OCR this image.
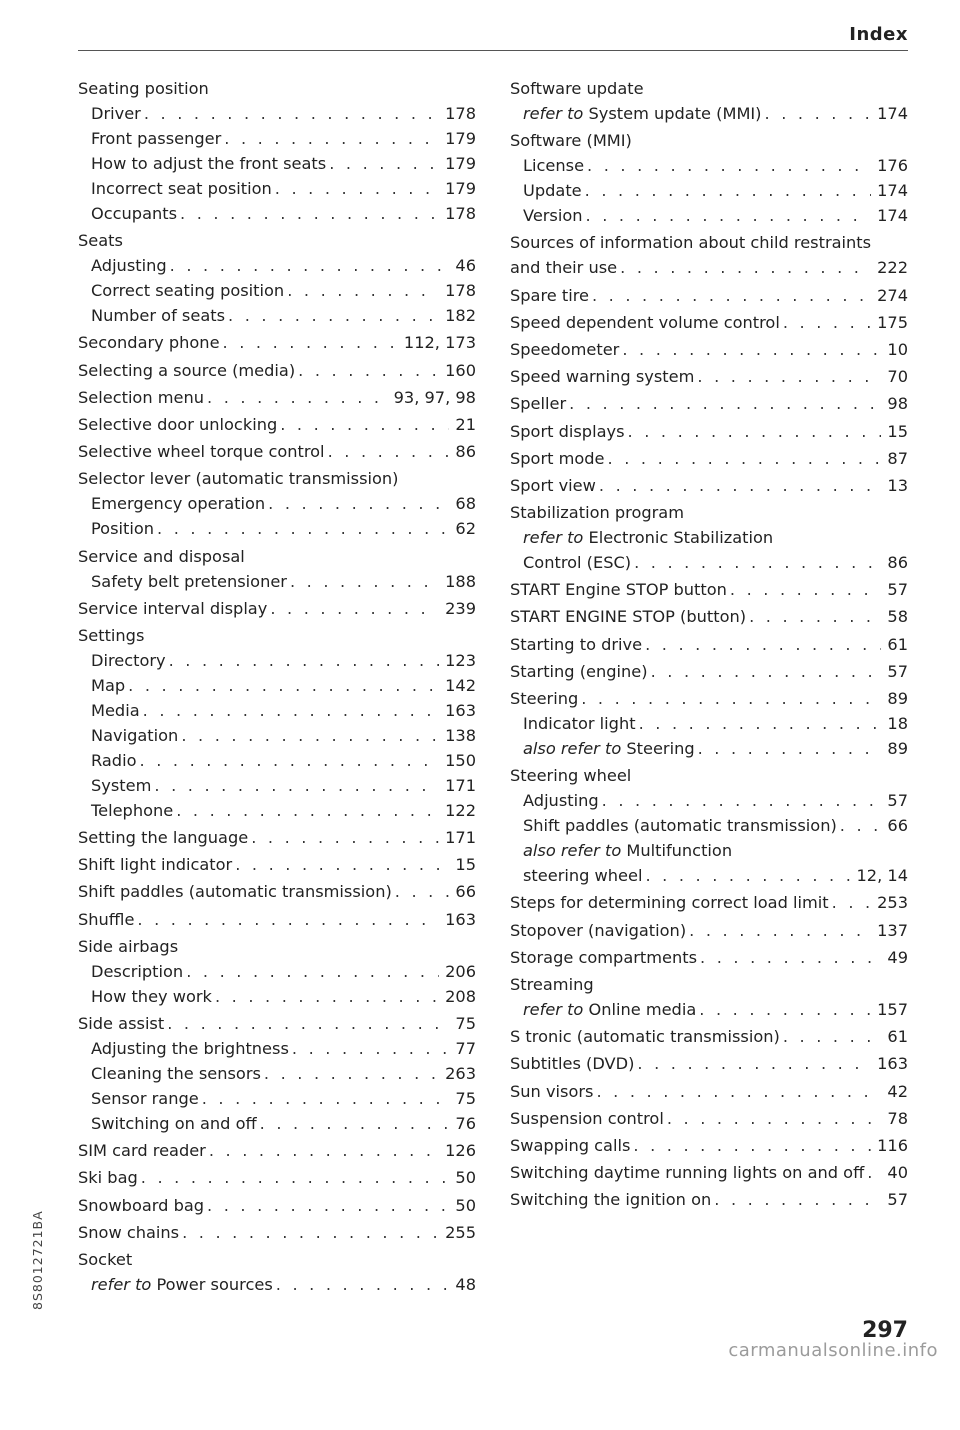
Index
Seating position
Driver . . .	178
Front passenger . . .	179
How to adjust the front seats . . .	179
Incorrect seat position . . .	179
Occupants . . .	178
Seats
Adjusting . . .	46
Correct seating position . . .	178
Number of seats . . .	182
Secondary phone . . .	112, 173
Selecting a source (media) . . .	160
Selection menu . . .	93, 97, 98
Selective door unlocking . . .	21
Selective wheel torque control . . .	86
Selector lever (automatic transmission)
Emergency operation . . .	68
Position . . .	62
Service and disposal
Safety belt pretensioner . . .	188
Service interval display . . .	239
Settings
Directory . . .	123
Map . . .	142
Media . . .	163
Navigation . . .	138
Radio . . .	150
System . . .	171
Telephone . . .	122
Setting the language . . .	171
Shift light indicator . . .	15
Shift paddles (automatic transmission) . . .	66
Shuffle . . .	163
Side airbags
Description . . .	206
How they work . . .	208
Side assist . . .	75
Adjusting the brightness . . .	77
Cleaning the sensors . . .	263
Sensor range . . .	75
Switching on and off . . .	76
SIM card reader . . .	126
Ski bag . . .	50
Snowboard bag . . .	50
Snow chains . . .	255
Socket
refer to Power sources . . .	48
Software update
refer to System update (MMI) . . .	174
Software (MMI)
License . . .	176
Update . . .	174
Version . . .	174
Sources of information about child restraints
and their use . . .	222
Spare tire . . .	274
Speed dependent volume control . . .	175
Speedometer . . .	10
Speed warning system . . .	70
Speller . . .	98
Sport displays . . .	15
Sport mode . . .	87
Sport view . . .	13
Stabilization program
refer to Electronic Stabilization
Control (ESC) . . .	86
START Engine STOP button . . .	57
START ENGINE STOP (button) . . .	58
Starting to drive . . .	61
Starting (engine) . . .	57
Steering . . .	89
Indicator light . . .	18
also refer to Steering . . .	89
Steering wheel
Adjusting . . .	57
Shift paddles (automatic transmission) . . .	66
also refer to Multifunction
steering wheel . . .	12, 14
Steps for determining correct load limit . . .	253
Stopover (navigation) . . .	137
Storage compartments . . .	49
Streaming
refer to Online media . . .	157
S tronic (automatic transmission) . . .	61
Subtitles (DVD) . . .	163
Sun visors . . .	42
Suspension control . . .	78
Swapping calls . . .	116
Switching daytime running lights on and off . . . 40
Switching the ignition on . . .	57
8S8012721BA
297
carmanualsonline.info
